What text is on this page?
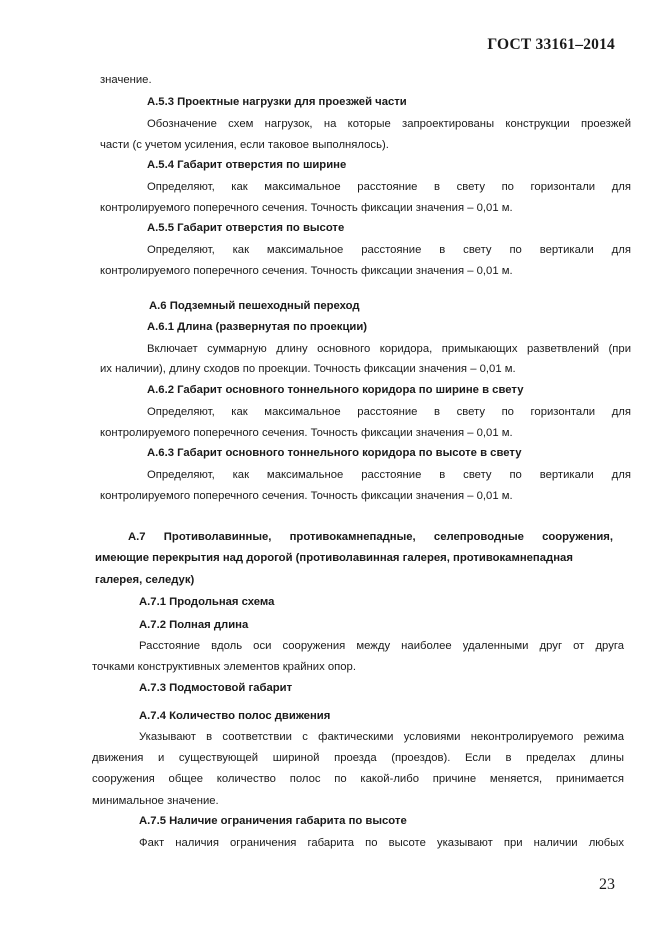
ГОСТ 33161–2014
значение.
А.5.3 Проектные нагрузки для проезжей части
Обозначение схем нагрузок, на которые запроектированы конструкции проезжей
части (с учетом усиления, если таковое выполнялось).
А.5.4 Габарит отверстия по ширине
Определяют, как максимальное расстояние в свету по горизонтали для
контролируемого поперечного сечения. Точность фиксации значения – 0,01 м.
А.5.5 Габарит отверстия по высоте
Определяют, как максимальное расстояние в свету по вертикали для
контролируемого поперечного сечения. Точность фиксации значения – 0,01 м.
А.6 Подземный пешеходный переход
А.6.1 Длина (развернутая по проекции)
Включает суммарную длину основного коридора, примыкающих разветвлений (при
их наличии), длину сходов по проекции. Точность фиксации значения – 0,01 м.
А.6.2 Габарит основного тоннельного коридора по ширине в свету
Определяют, как максимальное расстояние в свету по горизонтали для
контролируемого поперечного сечения. Точность фиксации значения – 0,01 м.
А.6.3 Габарит основного тоннельного коридора по высоте в свету
Определяют, как максимальное расстояние в свету по вертикали для
контролируемого поперечного сечения. Точность фиксации значения – 0,01 м.
А.7 Противолавинные, противокамнепадные, селепроводные сооружения,
имеющие перекрытия над дорогой (противолавинная галерея, противокамнепадная
галерея, селедук)
А.7.1 Продольная схема
А.7.2 Полная длина
Расстояние вдоль оси сооружения между наиболее удаленными друг от друга
точками конструктивных элементов крайних опор.
А.7.3 Подмостовой габарит
А.7.4 Количество полос движения
Указывают в соответствии с фактическими условиями неконтролируемого режима
движения и существующей шириной проезда (проездов). Если в пределах длины
сооружения общее количество полос по какой-либо причине меняется, принимается
минимальное значение.
А.7.5 Наличие ограничения габарита по высоте
Факт наличия ограничения габарита по высоте указывают при наличии любых
23
